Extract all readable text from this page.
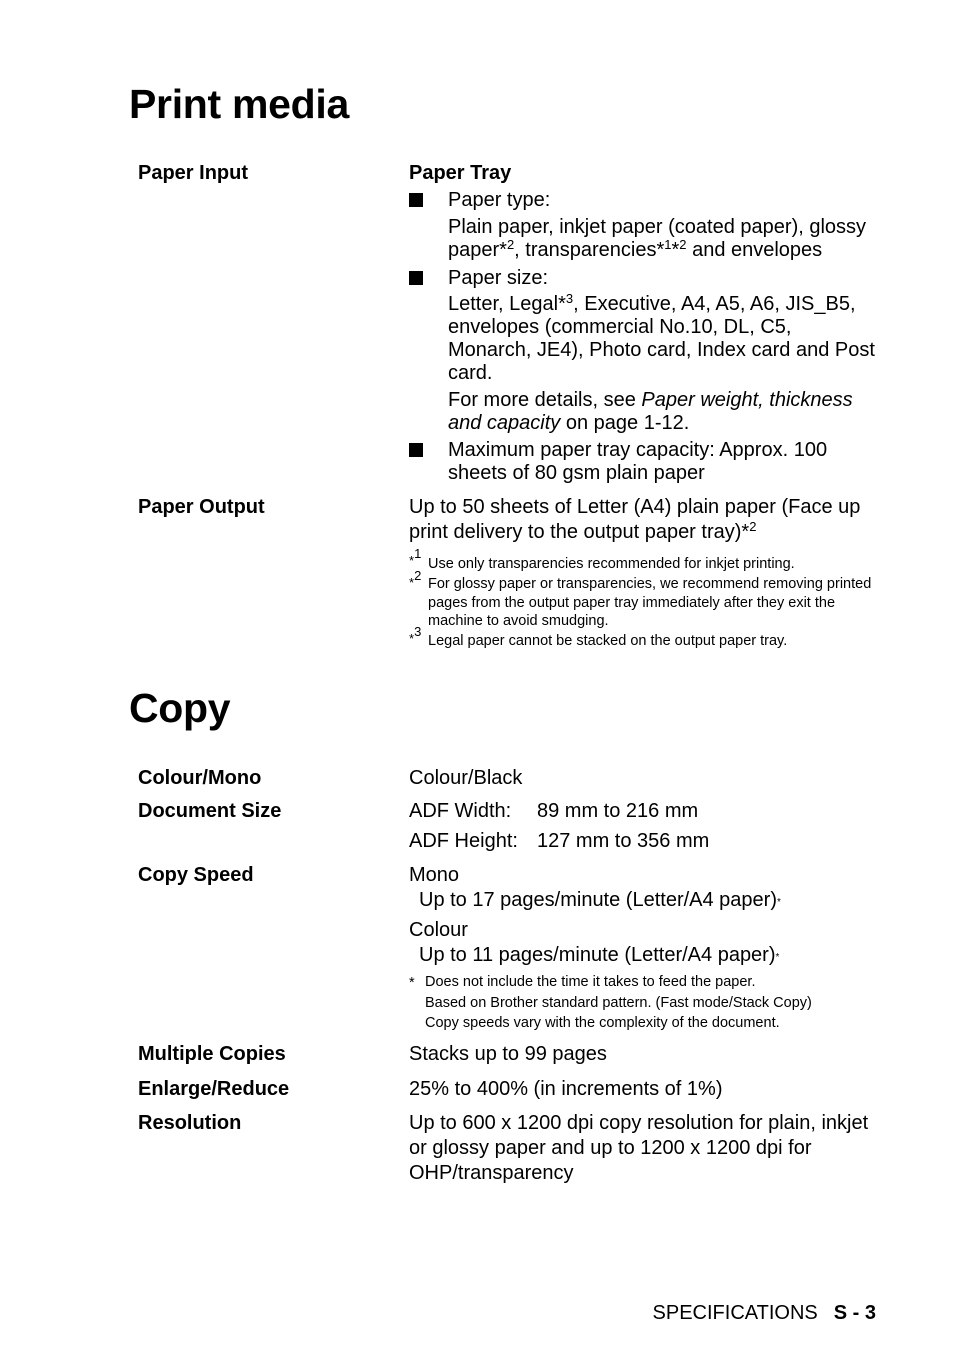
Print media
Paper Input	Paper Tray
Paper type:
Plain paper, inkjet paper (coated paper), glossy
paper*$^2$, transparencies*$^1$*$^2$ and envelopes
Paper size:
Letter, Legal*$^3$, Executive, A4, A5, A6, JIS_B5, envelopes (commercial No.10, DL, C5, Monarch, JE4), Photo card, Index card and Post card.
For more details, see Paper weight, thickness and capacity on page 1-12.
Maximum paper tray capacity: Approx. 100 sheets of 80 gsm plain paper
Paper Output	Up to 50 sheets of Letter (A4) plain paper (Face up print delivery to the output paper tray)*$^2$
*$^1$
Use only transparencies recommended for inkjet printing.
*$^2$
For glossy paper or transparencies, we recommend removing printed pages from the output paper tray immediately after they exit the machine to avoid smudging.
*$^3$
Legal paper cannot be stacked on the output paper tray.
Copy
Colour/Mono	Colour/Black
Document Size	ADF Width:	89 mm to 216 mm
ADF Height: 127 mm to 356 mm
Copy Speed	Mono
Up to 17 pages/minute (Letter/A4 paper)*
Colour
Up to 11 pages/minute (Letter/A4 paper)*
* Does not include the time it takes to feed the paper.
Based on Brother standard pattern. (Fast mode/Stack Copy)
Copy speeds vary with the complexity of the document.
Multiple Copies	Stacks up to 99 pages
Enlarge/Reduce	25% to 400% (in increments of 1%)
Resolution	Up to 600 x 1200 dpi copy resolution for plain, inkjet or glossy paper and up to 1200 x 1200 dpi for OHP/transparency
SPECIFICATIONS S - 3
